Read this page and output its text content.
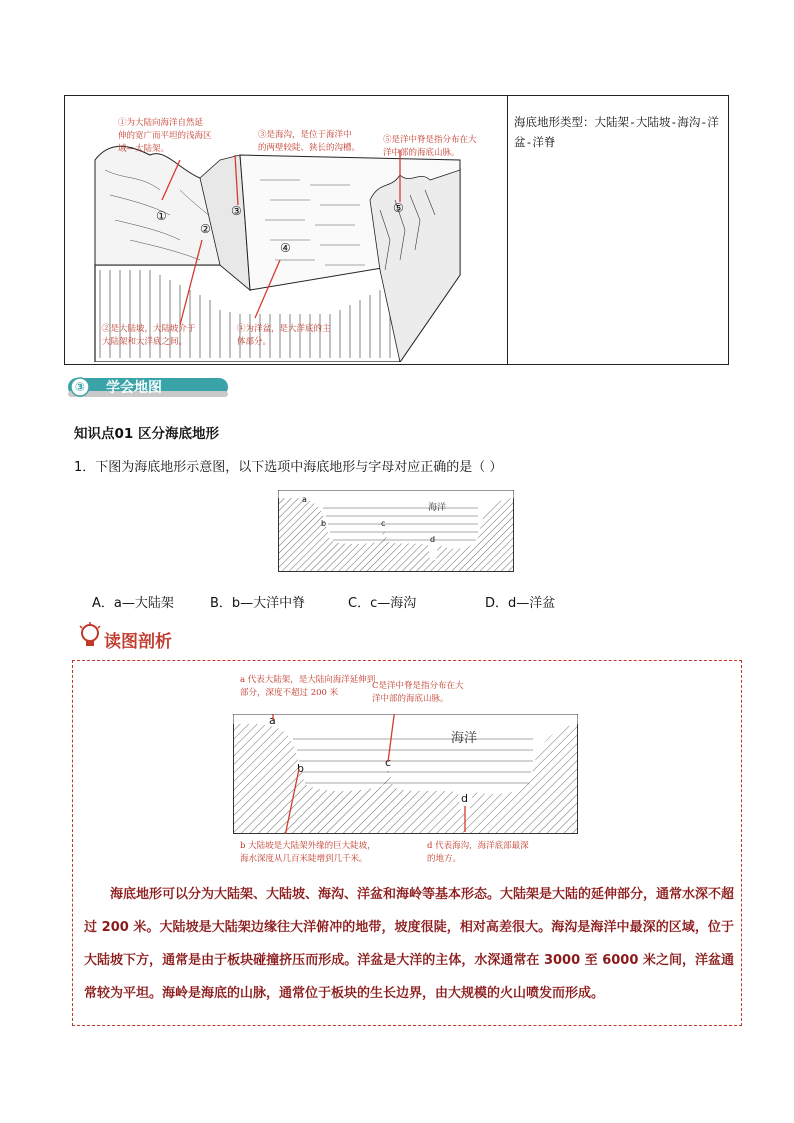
①
②
③
④
⑤
①为大陆向海洋自然延
伸的宽广而平坦的浅海区
域—大陆架。
③是海沟，是位于海洋中
的两壁较陡、狭长的沟槽。
⑤是洋中脊是指分布在大
洋中部的海底山脉。
②是大陆坡，大陆坡介于
大陆架和大洋底之间。
④为洋盆，是大洋底的主
体部分。
海底地形类型：大陆架-大陆坡-海沟-洋盆-洋脊
③ 学会地图
知识点01 区分海底地形
1．下图为海底地形示意图，以下选项中海底地形与字母对应正确的是（ ）
海洋
a
b	c
d
A．a—大陆架	B．b—大洋中脊	C．c—海沟	D．d—洋盆
读图剖析
海洋
a
b	c
d
a 代表大陆架，是大陆向海洋延伸到
部分，深度不超过 200 米
C是洋中脊是指分布在大
洋中部的海底山脉。
b 大陆坡是大陆架外缘的巨大陡坡，
海水深度从几百米陡增到几千米。
d 代表海沟，海洋底部最深
的地方。
海底地形可以分为大陆架、大陆坡、海沟、洋盆和海岭等基本形态。大陆架是大陆的延伸部分，通常水深不超过 200 米。大陆坡是大陆架边缘往大洋俯冲的地带，坡度很陡，相对高差很大。海沟是海洋中最深的区域，位于大陆坡下方，通常是由于板块碰撞挤压而形成。洋盆是大洋的主体，水深通常在 3000 至 6000 米之间，洋盆通常较为平坦。海岭是海底的山脉，通常位于板块的生长边界，由大规模的火山喷发而形成。
